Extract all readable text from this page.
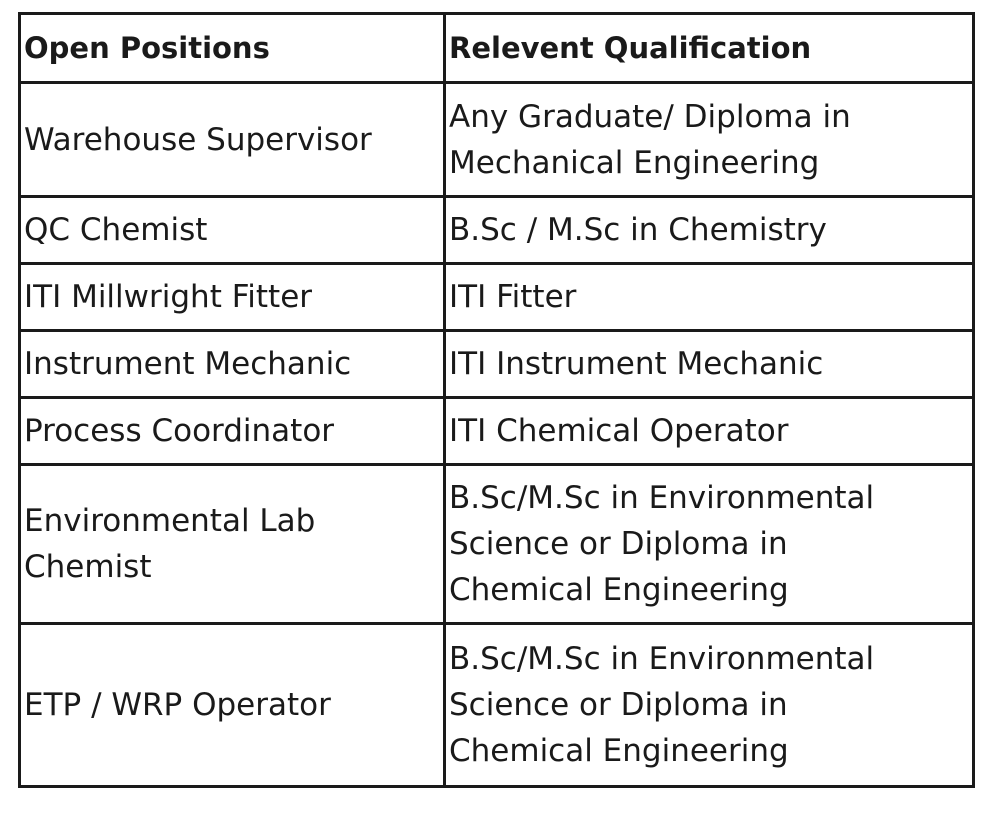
Open Positions	Relevent Qualification

Warehouse Supervisor	Any Graduate/ Diploma in
Mechanical Engineering

QC Chemist	B.Sc / M.Sc in Chemistry

ITI Millwright Fitter	ITI Fitter

Instrument Mechanic	ITI Instrument Mechanic

Process Coordinator	ITI Chemical Operator

Environmental Lab
Chemist	B.Sc/M.Sc in Environmental
Science or Diploma in
Chemical Engineering

ETP / WRP Operator	B.Sc/M.Sc in Environmental
Science or Diploma in
Chemical Engineering
